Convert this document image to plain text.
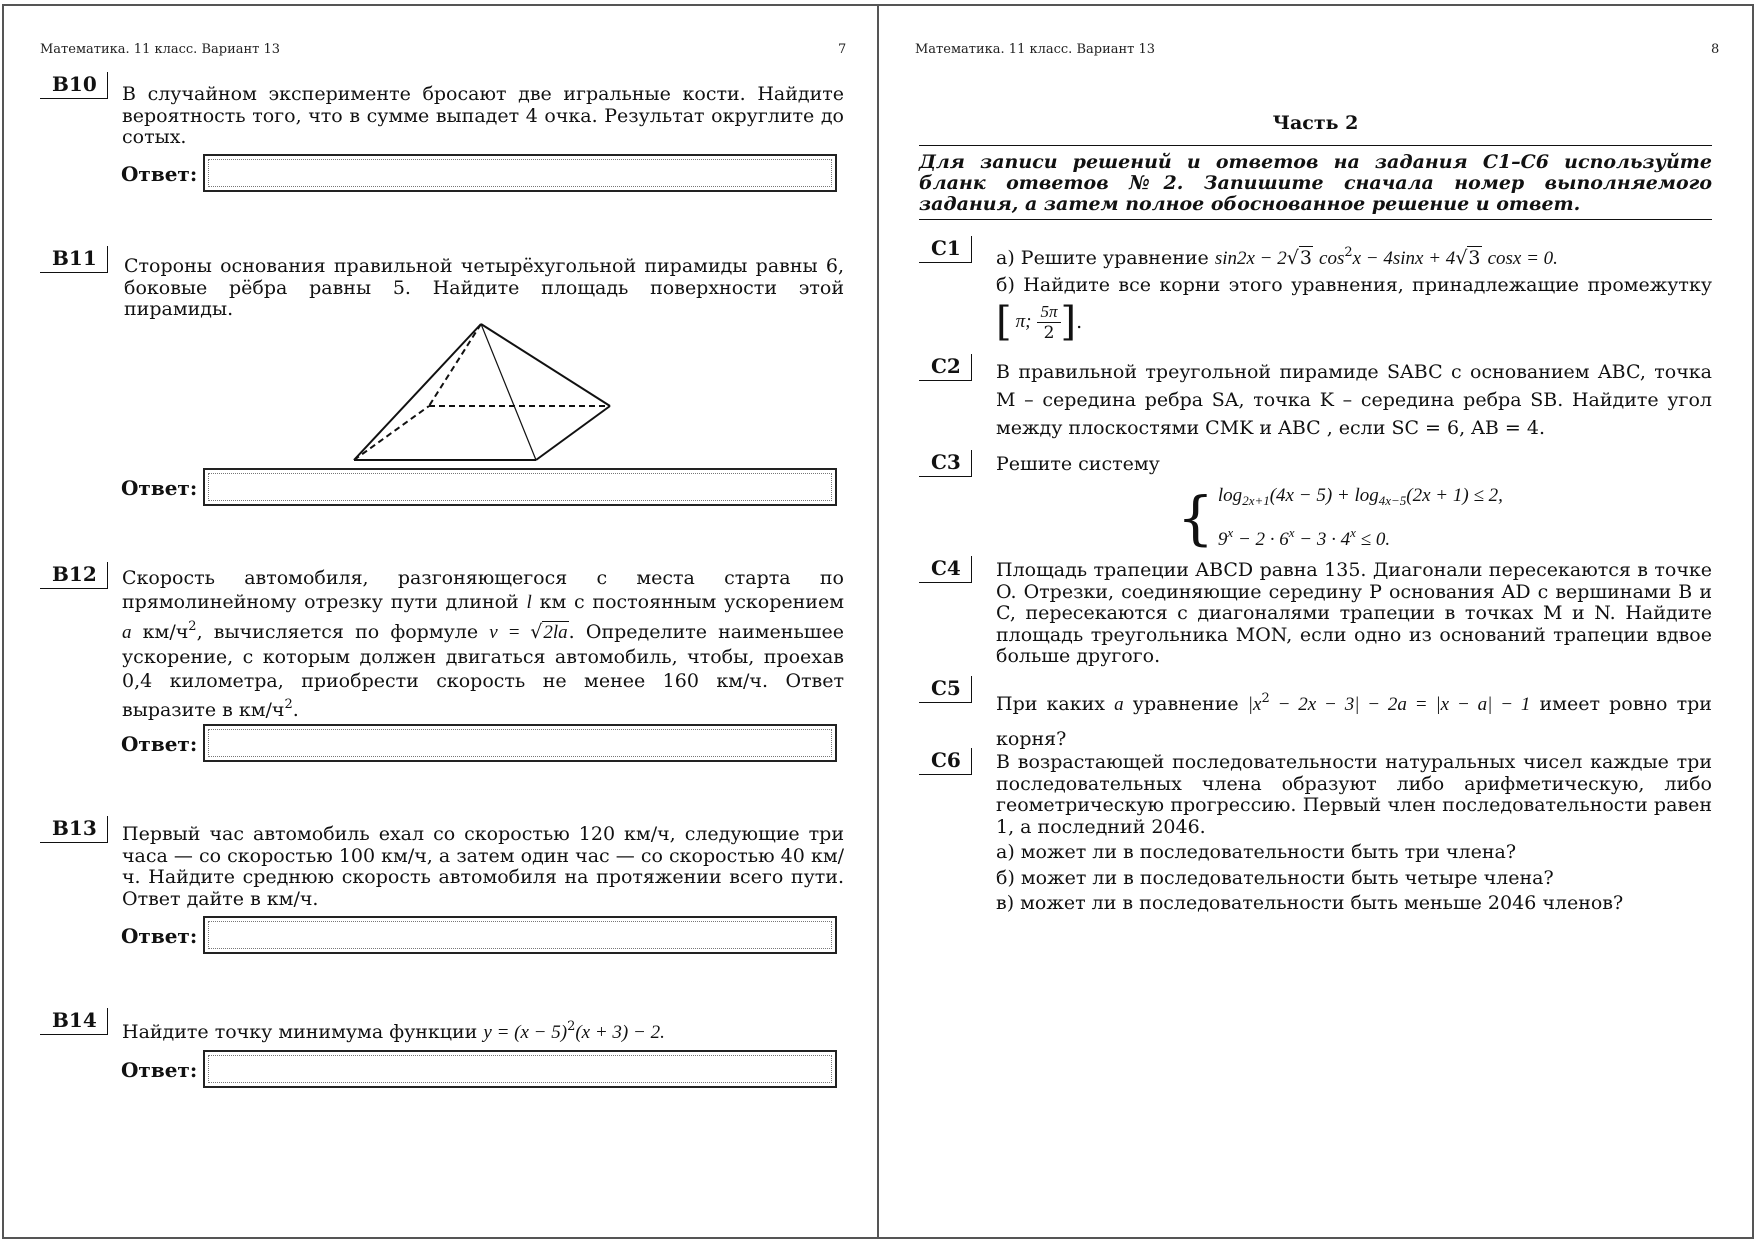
Математика. 11 класс. Вариант 13	7
B10	В случайном эксперименте бросают две игральные кости. Найдите вероятность того, что в сумме выпадет 4 очка. Результат округлите до сотых.
Ответ:
B11	Стороны основания правильной четырёхугольной пирамиды равны 6, боковые рёбра равны 5. Найдите площадь поверхности этой пирамиды.
Ответ:
B12	Скорость автомобиля, разгоняющегося с места старта по прямолинейному отрезку пути длиной l км с постоянным ускорением a $км/ч^2$, вычисляется по формуле v = √2la. Определите наименьшее ускорение, с которым должен двигаться автомобиль, чтобы, проехав 0,4 километра, приобрести скорость не менее 160 км/ч. Ответ выразите в $км/ч^2$.
Ответ:
B13	Первый час автомобиль ехал со скоростью 120 км/ч, следующие три часа — со скоростью 100 км/ч, а затем один час — со скоростью 40 км/ч. Найдите среднюю скорость автомобиля на протяжении всего пути. Ответ дайте в км/ч.
Ответ:
B14	Найдите точку минимума функции $y = (x - 5)^2(x + 3) - 2$.
Ответ:
Математика. 11 класс. Вариант 13	8
Часть 2
Для записи решений и ответов на задания С1–С6 используйте бланк ответов №2. Запишите сначала номер выполняемого задания, а затем полное обоснованное решение и ответ.
C1	а) Решите уравнение sin2x − 2√3 $\cos^2x - 4\sin x + 4√3$ cosx = 0.
б) Найдите все корни этого уравнения, принадлежащие промежутку
[ π; $\frac{5\pi}{2}$ ] .
C2	В правильной треугольной пирамиде SABC с основанием ABC, точка M – середина ребра SA, точка K – середина ребра SB. Найдите угол между плоскостями CMK и ABC , если SC = 6, AB = 4.
C3	Решите систему
{ $\log_{2x+1}(4x - 5) + \log_{4x-5}(2x + 1) \le 2$,
$9^x - 2 \cdot 6^x - 3 \cdot 4^x \le 0$.
C4	Площадь трапеции ABCD равна 135. Диагонали пересекаются в точке O. Отрезки, соединяющие середину P основания AD с вершинами B и C, пересекаются с диагоналями трапеции в точках M и N. Найдите площадь треугольника MON, если одно из оснований трапеции вдвое больше другого.
C5
При каких a уравнение $|x^2 - 2x - 3| - 2a = |x - a| - 1$ имеет ровно три корня?
C6	В возрастающей последовательности натуральных чисел каждые три последовательных члена образуют либо арифметическую, либо геометрическую прогрессию. Первый член последовательности равен 1, а последний 2046.
а) может ли в последовательности быть три члена?
б) может ли в последовательности быть четыре члена?
в) может ли в последовательности быть меньше 2046 членов?
